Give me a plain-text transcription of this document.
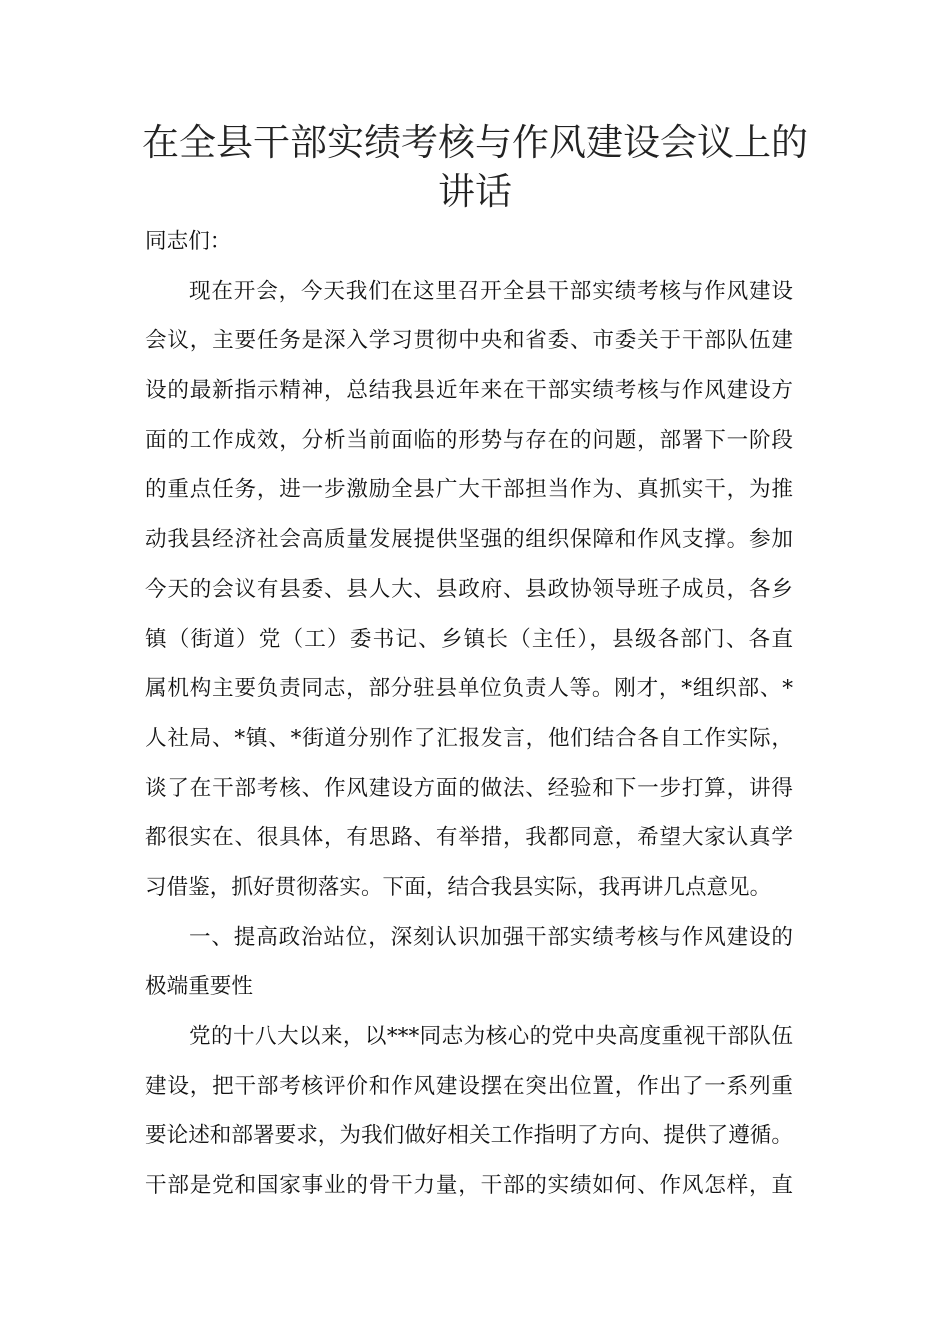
在全县干部实绩考核与作风建设会议上的
讲话
同志们：
现在开会，今天我们在这里召开全县干部实绩考核与作风建设
会议，主要任务是深入学习贯彻中央和省委、市委关于干部队伍建
设的最新指示精神，总结我县近年来在干部实绩考核与作风建设方
面的工作成效，分析当前面临的形势与存在的问题，部署下一阶段
的重点任务，进一步激励全县广大干部担当作为、真抓实干，为推
动我县经济社会高质量发展提供坚强的组织保障和作风支撑。参加
今天的会议有县委、县人大、县政府、县政协领导班子成员，各乡
镇（街道）党（工）委书记、乡镇长（主任），县级各部门、各直
属机构主要负责同志，部分驻县单位负责人等。刚才，*组织部、*
人社局、*镇、*街道分别作了汇报发言，他们结合各自工作实际，
谈了在干部考核、作风建设方面的做法、经验和下一步打算，讲得
都很实在、很具体，有思路、有举措，我都同意，希望大家认真学
习借鉴，抓好贯彻落实。下面，结合我县实际，我再讲几点意见。
一、提高政治站位，深刻认识加强干部实绩考核与作风建设的
极端重要性
党的十八大以来，以***同志为核心的党中央高度重视干部队伍
建设，把干部考核评价和作风建设摆在突出位置，作出了一系列重
要论述和部署要求，为我们做好相关工作指明了方向、提供了遵循。
干部是党和国家事业的骨干力量，干部的实绩如何、作风怎样，直
